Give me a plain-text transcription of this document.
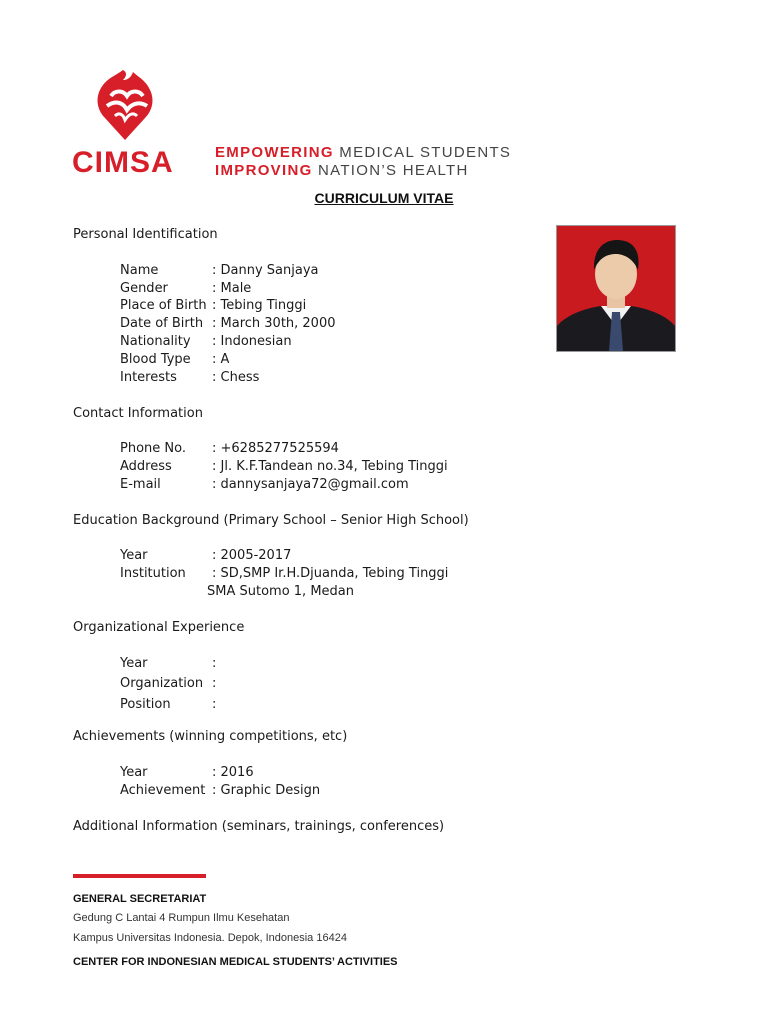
CIMSA	EMPOWERING MEDICAL STUDENTS
IMPROVING NATION’S HEALTH
CURRICULUM VITAE
Personal Identification
Name	: Danny Sanjaya
Gender	: Male
Place of Birth : Tebing Tinggi
Date of Birth : March 30th, 2000
Nationality : Indonesian
Blood Type : A
Interests	: Chess
Contact Information
Phone No. : +6285277525594
Address	: Jl. K.F.Tandean no.34, Tebing Tinggi
E-mail	: dannysanjaya72@gmail.com
Education Background (Primary School – Senior High School)
Year	: 2005-2017
Institution : SD,SMP Ir.H.Djuanda, Tebing Tinggi
SMA Sutomo 1, Medan
Organizational Experience
Year	:
Organization :
Position	:
Achievements (winning competitions, etc)
Year	: 2016
Achievement : Graphic Design
Additional Information (seminars, trainings, conferences)
GENERAL SECRETARIAT
Gedung C Lantai 4 Rumpun Ilmu Kesehatan
Kampus Universitas Indonesia. Depok, Indonesia 16424
CENTER FOR INDONESIAN MEDICAL STUDENTS’ ACTIVITIES
